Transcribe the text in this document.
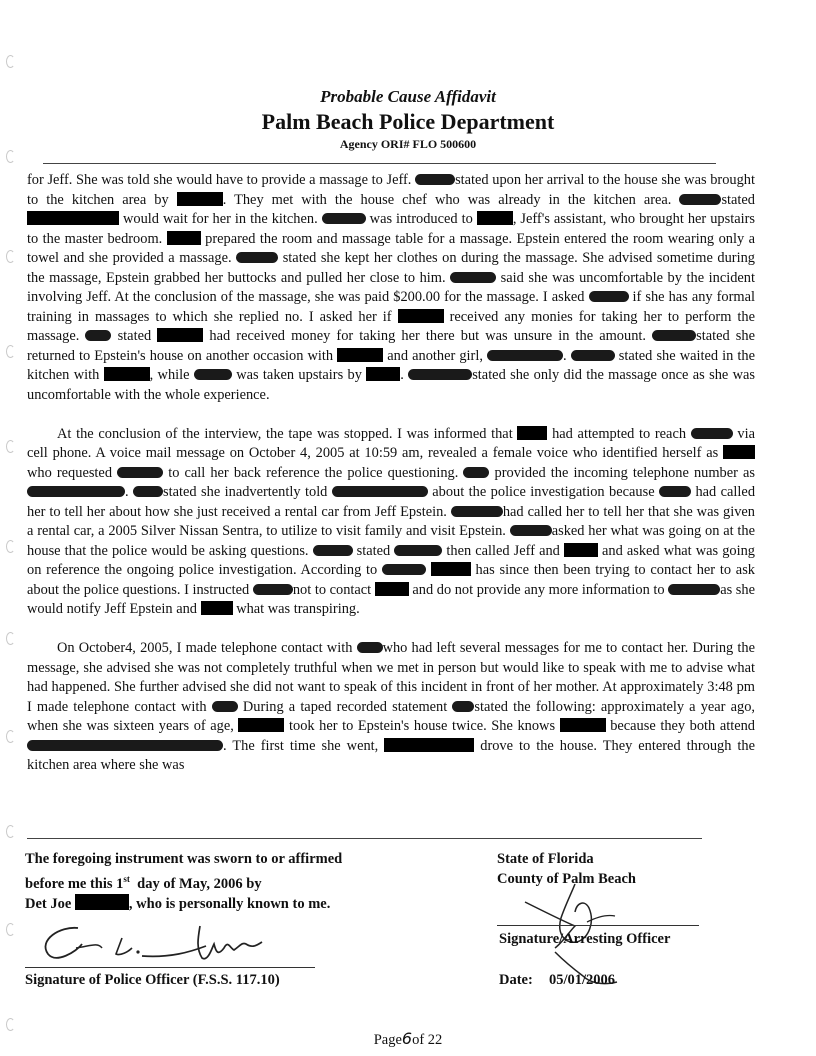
Probable Cause Affidavit
Palm Beach Police Department
Agency ORI# FLO 500600

for Jeff. She was told she would have to provide a massage to Jeff.	stated upon her arrival to the house she was brought to the kitchen area by	. They met with the house chef who was already in the kitchen area.	stated  would wait for her in the kitchen.	was introduced to	, Jeff's assistant, who brought her upstairs to the master bedroom.  prepared the room and massage table for a massage. Epstein entered the room wearing only a towel and she provided a massage.	stated she kept her clothes on during the massage. She advised sometime during the massage, Epstein grabbed her buttocks and pulled her close to him.	said she was uncomfortable by the incident involving Jeff. At the conclusion of the massage, she was paid $200.00 for the massage. I asked	if she has any formal training in massages to which she replied no. I asked her if	received any monies for taking her to perform the massage.  stated	had received money for taking her there but was unsure in the amount.	stated she returned to Epstein's house on another occasion with	and another girl,	.	stated she waited in the kitchen with	, while	was taken upstairs by .	stated she only did the massage once as she was uncomfortable with the whole experience.

At the conclusion of the interview, the tape was stopped. I was informed that  had attempted to reach	via cell phone. A voice mail message on October 4, 2005 at 10:59 am, revealed a female voice who identified herself as  who requested	to call her back reference the police questioning.  provided the incoming telephone number as . stated she inadvertently told	about the police investigation because  had called her to tell her about how she just received a rental car from Jeff Epstein.	had called her to tell her that she was given a rental car, a 2005 Silver Nissan Sentra, to utilize to visit family and visit Epstein.	asked her what was going on at the house that the police would be asking questions.	stated	then called Jeff and  and asked what was going on reference the ongoing police investigation. According to	has since then been trying to contact her to ask about the police questions. I instructed	not to contact  and do not provide any more information to	as she would notify Jeff Epstein and  what was transpiring.

On October4, 2005, I made telephone contact with who had left several messages for me to contact her. During the message, she advised she was not completely truthful when we met in person but would like to speak with me to advise what had happened. She further advised she did not want to speak of this incident in front of her mother. At approximately 3:48 pm I made telephone contact with  During a taped recorded statement stated the following: approximately a year ago, when she was sixteen years of age,	took her to Epstein's house twice. She knows	because they both attend . The first time she went,	drove to the house. They entered through the kitchen area where she was

The foregoing instrument was sworn to or affirmed
before me this 1st day of May, 2006 by
Det Joe	, who is personally known to me.
Signature of Police Officer (F.S.S. 117.10)
State of Florida
County of Palm Beach
Signature/Arresting Officer
Date: 05/01/2006
Page6of 22
